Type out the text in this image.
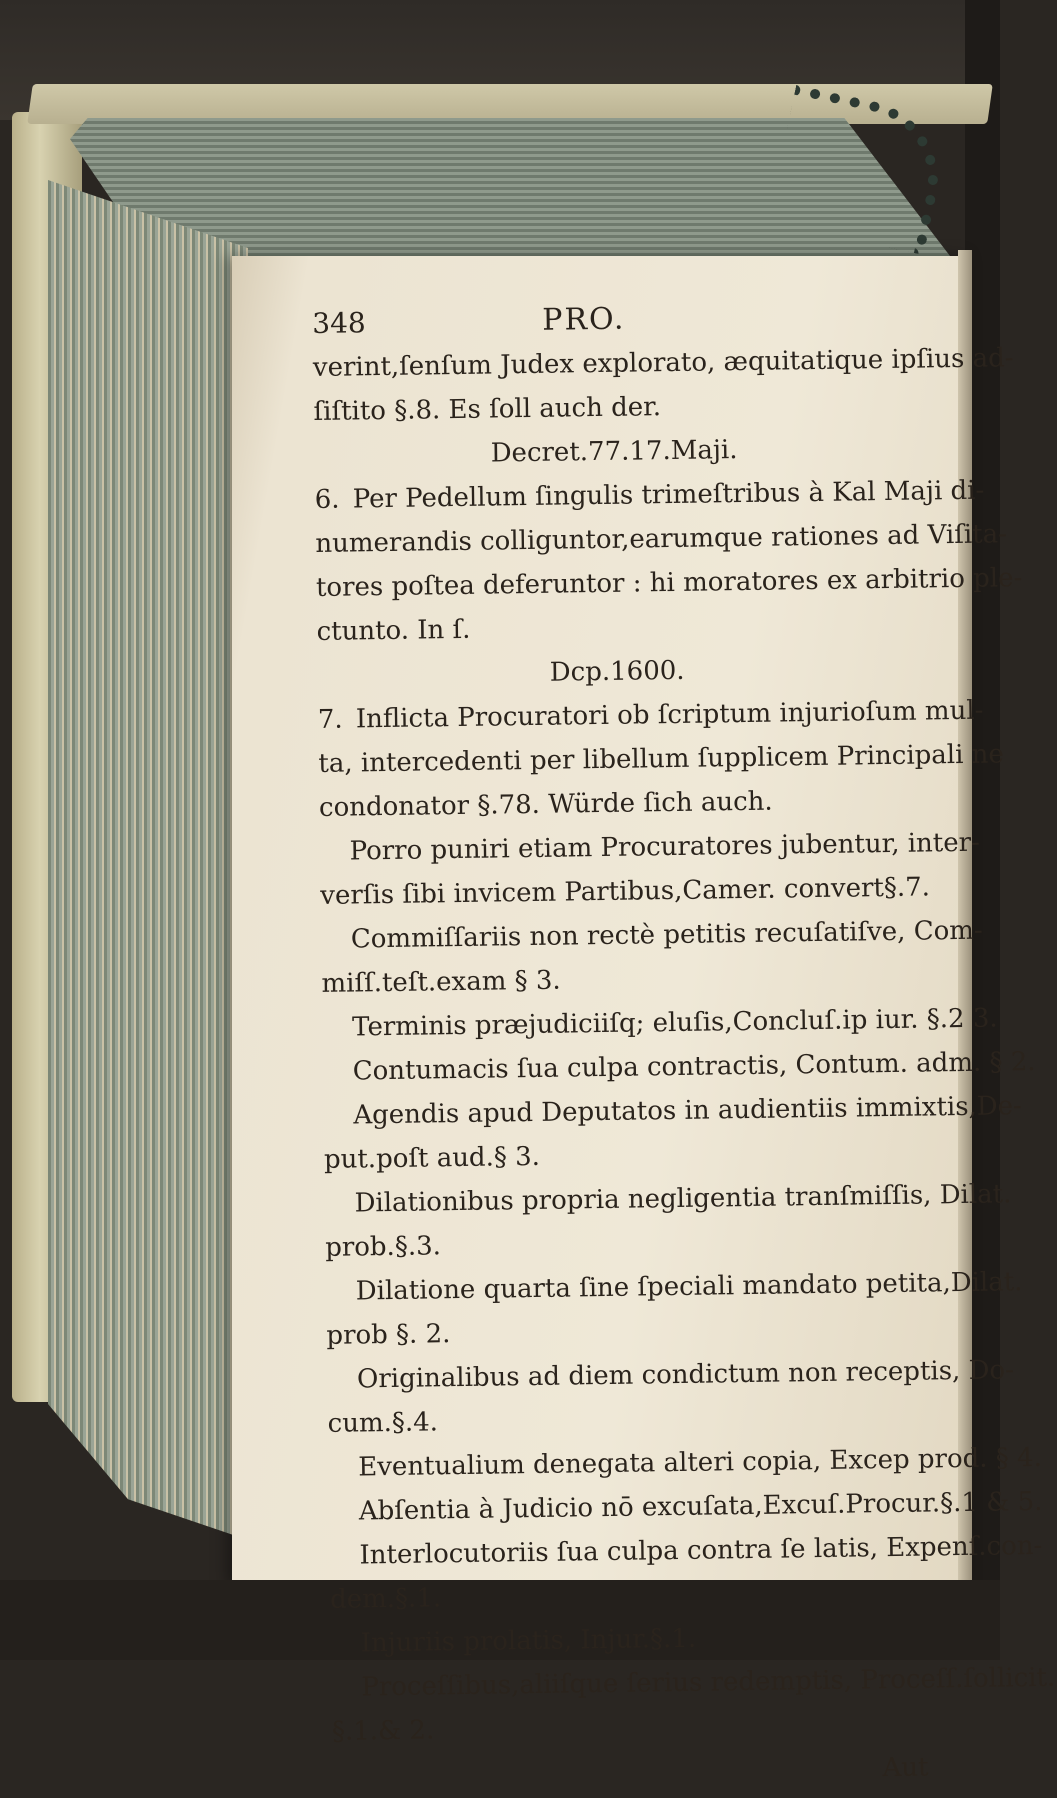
348	PRO.
verint,ſenſum Judex explorato, æquitatique ipſius ad-
ſiſtito §.8. Es ſoll auch der.
Decret.77.17.Maji.
6. Per Pedellum ſingulis trimeſtribus à Kal Maji di-
numerandis colliguntor,earumque rationes ad Viſita-
tores poſtea deferuntor : hi moratores ex arbitrio ple-
ctunto. In ſ.
Dcp.1600.
7. Inflicta Procuratori ob ſcriptum injurioſum mul-
ta, intercedenti per libellum ſupplicem Principali ne
condonator §.78. Würde ſich auch.
Porro puniri etiam Procuratores jubentur, inter-
verſis ſibi invicem Partibus,Camer. convert§.7.
Commiſſariis non rectè petitis recuſatiſve, Com-
miſſ.teſt.exam § 3.
Terminis præjudiciiſq; eluſis,Concluſ.ip iur. §.2 3.
Contumacis ſua culpa contractis, Contum. adm. § 2.
Agendis apud Deputatos in audientiis immixtis,De-
put.poſt aud.§ 3.
Dilationibus propria negligentia tranſmiſſis, Dilat.
prob.§.3.
Dilatione quarta ſine ſpeciali mandato petita,Dilat.
prob §. 2.
Originalibus ad diem condictum non receptis, Do-
cum.§.4.
Eventualium denegata alteri copia, Excep prod. § 4.
Abſentia à Judicio nō excuſata,Excuſ.Procur.§.1 & 5.
Interlocutoriis ſua culpa contra ſe latis, Expenſ.con-
dem.§.1.
Injuriis prolatis, Injur.§.1.
Proceſſibus,aliiſque ſerius redemptis, Proceſſ.ſollicit.
§.1.& 2.
Aut
